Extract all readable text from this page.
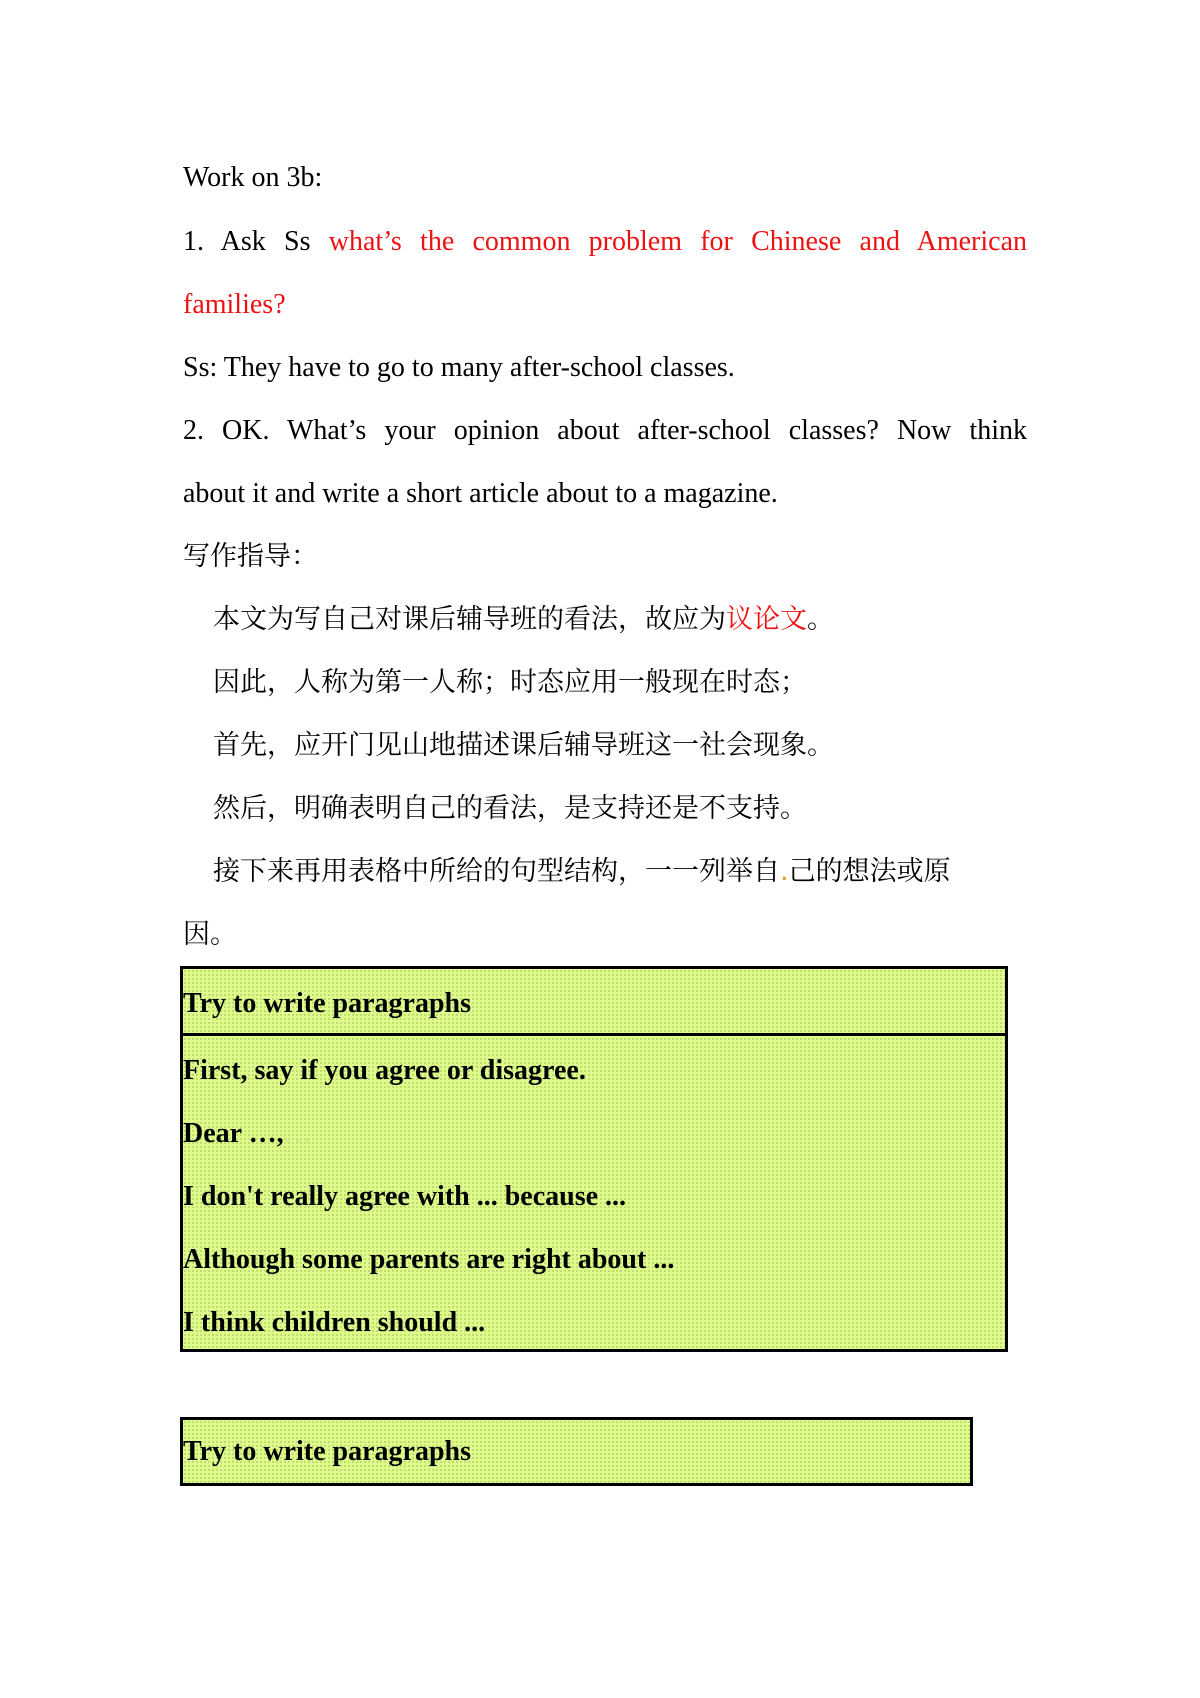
Work on 3b:
1. Ask Ss what’s the common problem for Chinese and American
families?
Ss: They have to go to many after-school classes.
2. OK. What’s your opinion about after-school classes? Now think
about it and write a short article about to a magazine.
写作指导：
本文为写自己对课后辅导班的看法，故应为议论文。
因此，人称为第一人称；时态应用一般现在时态；
首先，应开门见山地描述课后辅导班这一社会现象。
然后，明确表明自己的看法，是支持还是不支持。
接下来再用表格中所给的句型结构，一一列举自.己的想法或原
因。
Try to write paragraphs
First, say if you agree or disagree.
Dear …,…
I don't really agree with ... because ...
Although some parents are right about ...
I think children should ...
Try to write paragraphs
